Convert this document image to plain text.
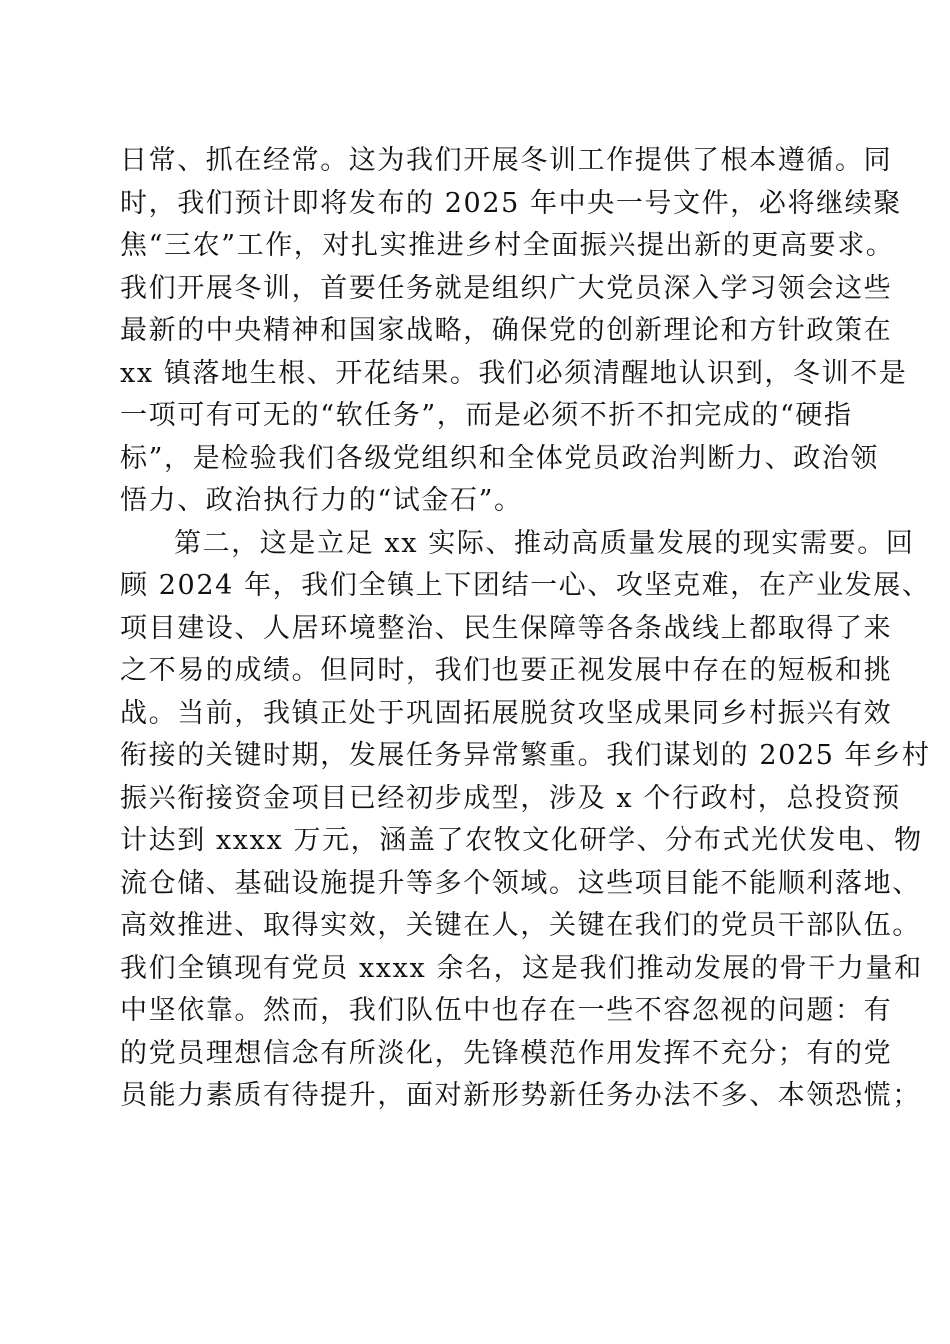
日常、抓在经常。这为我们开展冬训工作提供了根本遵循。同
时，我们预计即将发布的 2025 年中央一号文件，必将继续聚
焦“三农”工作，对扎实推进乡村全面振兴提出新的更高要求。
我们开展冬训，首要任务就是组织广大党员深入学习领会这些
最新的中央精神和国家战略，确保党的创新理论和方针政策在
xx 镇落地生根、开花结果。我们必须清醒地认识到，冬训不是
一项可有可无的“软任务”，而是必须不折不扣完成的“硬指
标”，是检验我们各级党组织和全体党员政治判断力、政治领
悟力、政治执行力的“试金石”。
第二，这是立足 xx 实际、推动高质量发展的现实需要。回
顾 2024 年，我们全镇上下团结一心、攻坚克难，在产业发展、
项目建设、人居环境整治、民生保障等各条战线上都取得了来
之不易的成绩。但同时，我们也要正视发展中存在的短板和挑
战。当前，我镇正处于巩固拓展脱贫攻坚成果同乡村振兴有效
衔接的关键时期，发展任务异常繁重。我们谋划的 2025 年乡村
振兴衔接资金项目已经初步成型，涉及 x 个行政村，总投资预
计达到 xxxx 万元，涵盖了农牧文化研学、分布式光伏发电、物
流仓储、基础设施提升等多个领域。这些项目能不能顺利落地、
高效推进、取得实效，关键在人，关键在我们的党员干部队伍。
我们全镇现有党员 xxxx 余名，这是我们推动发展的骨干力量和
中坚依靠。然而，我们队伍中也存在一些不容忽视的问题：有
的党员理想信念有所淡化，先锋模范作用发挥不充分；有的党
员能力素质有待提升，面对新形势新任务办法不多、本领恐慌；
